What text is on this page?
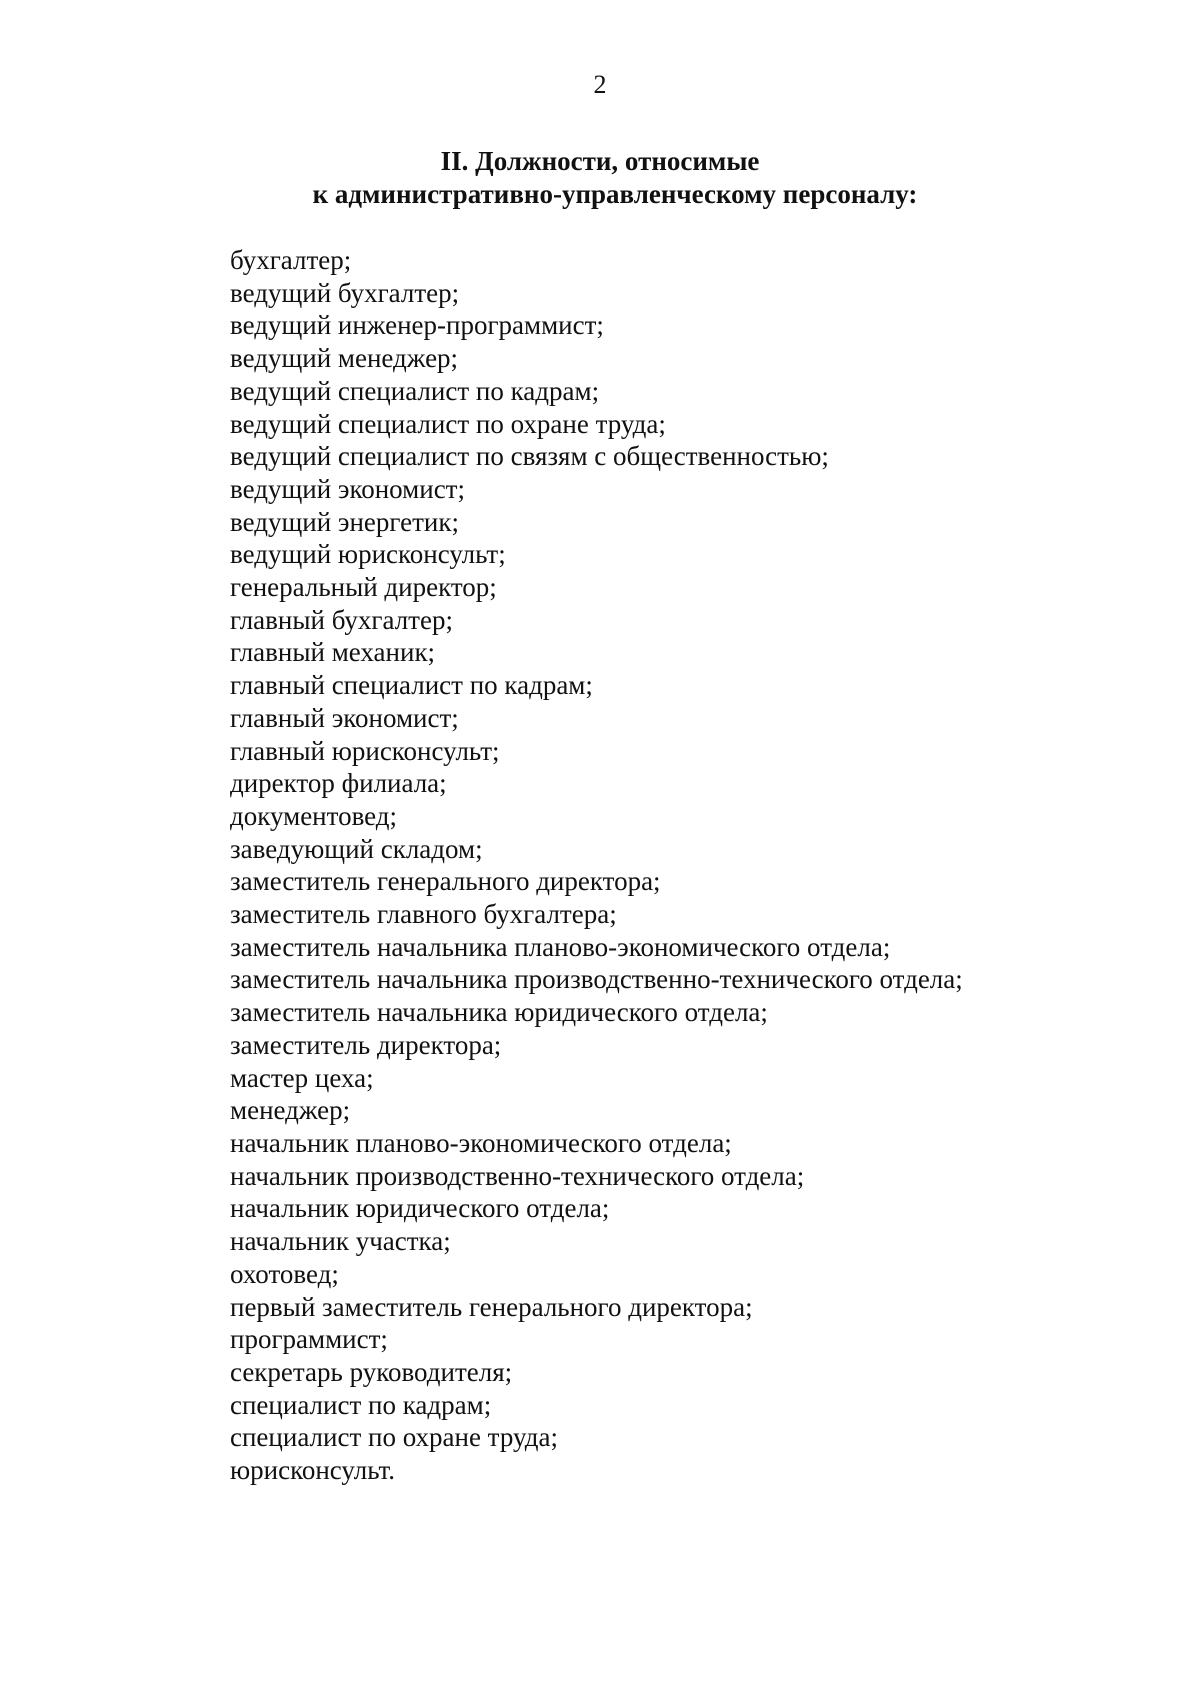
2
II. Должности, относимые
к административно-управленческому персоналу:
бухгалтер;
ведущий бухгалтер;
ведущий инженер-программист;
ведущий менеджер;
ведущий специалист по кадрам;
ведущий специалист по охране труда;
ведущий специалист по связям с общественностью;
ведущий экономист;
ведущий энергетик;
ведущий юрисконсульт;
генеральный директор;
главный бухгалтер;
главный механик;
главный специалист по кадрам;
главный экономист;
главный юрисконсульт;
директор филиала;
документовед;
заведующий складом;
заместитель генерального директора;
заместитель главного бухгалтера;
заместитель начальника планово-экономического отдела;
заместитель начальника производственно-технического отдела;
заместитель начальника юридического отдела;
заместитель директора;
мастер цеха;
менеджер;
начальник планово-экономического отдела;
начальник производственно-технического отдела;
начальник юридического отдела;
начальник участка;
охотовед;
первый заместитель генерального директора;
программист;
секретарь руководителя;
специалист по кадрам;
специалист по охране труда;
юрисконсульт.
